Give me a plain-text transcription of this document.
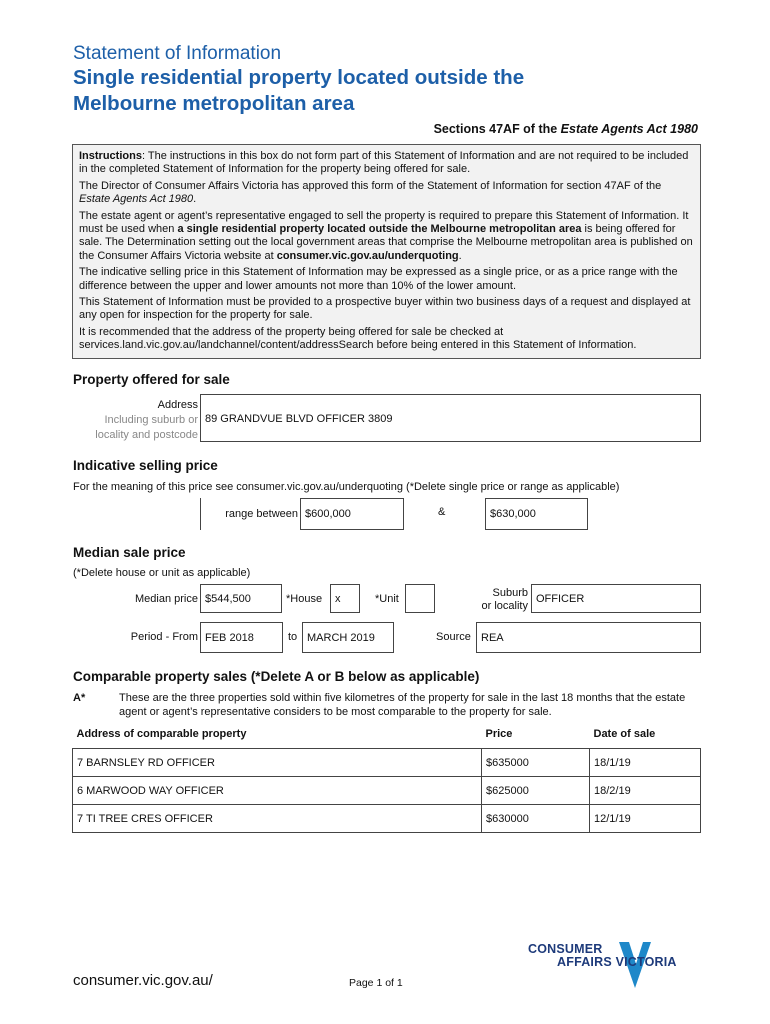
Statement of Information
Single residential property located outside the
Melbourne metropolitan area
Sections 47AF of the Estate Agents Act 1980

Instructions: The instructions in this box do not form part of this Statement of Information and are not required to be included in the completed Statement of Information for the property being offered for sale.

The Director of Consumer Affairs Victoria has approved this form of the Statement of Information for section 47AF of the Estate Agents Act 1980.

The estate agent or agent’s representative engaged to sell the property is required to prepare this Statement of Information. It must be used when a single residential property located outside the Melbourne metropolitan area is being offered for sale. The Determination setting out the local government areas that comprise the Melbourne metropolitan area is published on the Consumer Affairs Victoria website at consumer.vic.gov.au/underquoting.

The indicative selling price in this Statement of Information may be expressed as a single price, or as a price range with the difference between the upper and lower amounts not more than 10% of the lower amount.

This Statement of Information must be provided to a prospective buyer within two business days of a request and displayed at any open for inspection for the property for sale.

It is recommended that the address of the property being offered for sale be checked at services.land.vic.gov.au/landchannel/content/addressSearch before being entered in this Statement of Information.

Property offered for sale
Address
Including suburb or
locality and postcode
89 GRANDVUE BLVD OFFICER 3809
Indicative selling price
For the meaning of this price see consumer.vic.gov.au/underquoting (*Delete single price or range as applicable)
range between $600,000	&	$630,000
Median sale price
(*Delete house or unit as applicable)
Median price $544,500	*House	x	*Unit	Suburb
or locality
OFFICER
Period - From FEB 2018	to MARCH 2019	Source REA
Comparable property sales (*Delete A or B below as applicable)
A*	These are the three properties sold within five kilometres of the property for sale in the last 18 months that the estate agent or agent’s representative considers to be most comparable to the property for sale.
Address of comparable property	Price	Date of sale
7 BARNSLEY RD OFFICER	$635000	18/1/19
6 MARWOOD WAY OFFICER	$625000	18/2/19
7 TI TREE CRES OFFICER	$630000	12/1/19
consumer.vic.gov.au/	Page 1 of 1
CONSUMER
AFFAIRS VICTORIA
